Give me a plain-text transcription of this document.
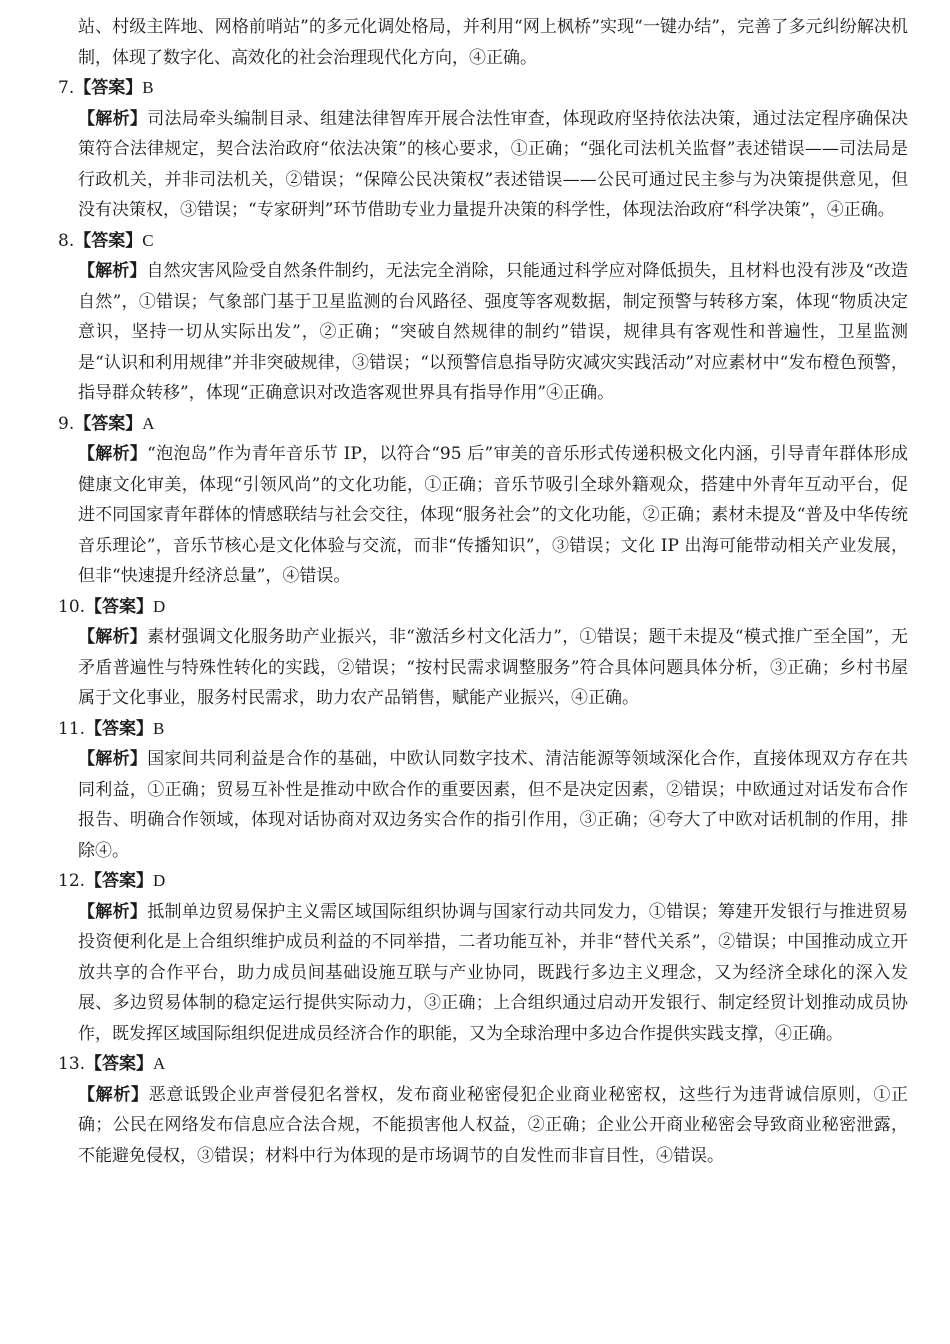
站、村级主阵地、网格前哨站”的多元化调处格局，并利用“网上枫桥”实现“一键办结”，完善了多元纠纷解决机制，体现了数字化、高效化的社会治理现代化方向，④正确。

7.【答案】B

【解析】司法局牵头编制目录、组建法律智库开展合法性审查，体现政府坚持依法决策，通过法定程序确保决策符合法律规定，契合法治政府“依法决策”的核心要求，①正确；“强化司法机关监督”表述错误——司法局是行政机关，并非司法机关，②错误；“保障公民决策权”表述错误——公民可通过民主参与为决策提供意见，但没有决策权，③错误；“专家研判”环节借助专业力量提升决策的科学性，体现法治政府“科学决策”，④正确。

8.【答案】C

【解析】自然灾害风险受自然条件制约，无法完全消除，只能通过科学应对降低损失，且材料也没有涉及“改造自然”，①错误；气象部门基于卫星监测的台风路径、强度等客观数据，制定预警与转移方案，体现“物质决定意识，坚持一切从实际出发”，②正确；“突破自然规律的制约”错误，规律具有客观性和普遍性，卫星监测是“认识和利用规律”并非突破规律，③错误；“以预警信息指导防灾减灾实践活动”对应素材中“发布橙色预警，指导群众转移”，体现“正确意识对改造客观世界具有指导作用”④正确。

9.【答案】A

【解析】“泡泡岛”作为青年音乐节 IP，以符合“95 后”审美的音乐形式传递积极文化内涵，引导青年群体形成健康文化审美，体现“引领风尚”的文化功能，①正确；音乐节吸引全球外籍观众，搭建中外青年互动平台，促进不同国家青年群体的情感联结与社会交往，体现“服务社会”的文化功能，②正确；素材未提及“普及中华传统音乐理论”，音乐节核心是文化体验与交流，而非“传播知识”，③错误；文化 IP 出海可能带动相关产业发展，但非“快速提升经济总量”，④错误。

10.【答案】D

【解析】素材强调文化服务助产业振兴，非“激活乡村文化活力”，①错误；题干未提及“模式推广至全国”，无矛盾普遍性与特殊性转化的实践，②错误；“按村民需求调整服务”符合具体问题具体分析，③正确；乡村书屋属于文化事业，服务村民需求，助力农产品销售，赋能产业振兴，④正确。

11.【答案】B

【解析】国家间共同利益是合作的基础，中欧认同数字技术、清洁能源等领域深化合作，直接体现双方存在共同利益，①正确；贸易互补性是推动中欧合作的重要因素，但不是决定因素，②错误；中欧通过对话发布合作报告、明确合作领域，体现对话协商对双边务实合作的指引作用，③正确；④夸大了中欧对话机制的作用，排除④。

12.【答案】D

【解析】抵制单边贸易保护主义需区域国际组织协调与国家行动共同发力，①错误；筹建开发银行与推进贸易投资便利化是上合组织维护成员利益的不同举措，二者功能互补，并非“替代关系”，②错误；中国推动成立开放共享的合作平台，助力成员间基础设施互联与产业协同，既践行多边主义理念，又为经济全球化的深入发展、多边贸易体制的稳定运行提供实际动力，③正确；上合组织通过启动开发银行、制定经贸计划推动成员协作，既发挥区域国际组织促进成员经济合作的职能，又为全球治理中多边合作提供实践支撑，④正确。

13.【答案】A

【解析】恶意诋毁企业声誉侵犯名誉权，发布商业秘密侵犯企业商业秘密权，这些行为违背诚信原则，①正确；公民在网络发布信息应合法合规，不能损害他人权益，②正确；企业公开商业秘密会导致商业秘密泄露，不能避免侵权，③错误；材料中行为体现的是市场调节的自发性而非盲目性，④错误。
